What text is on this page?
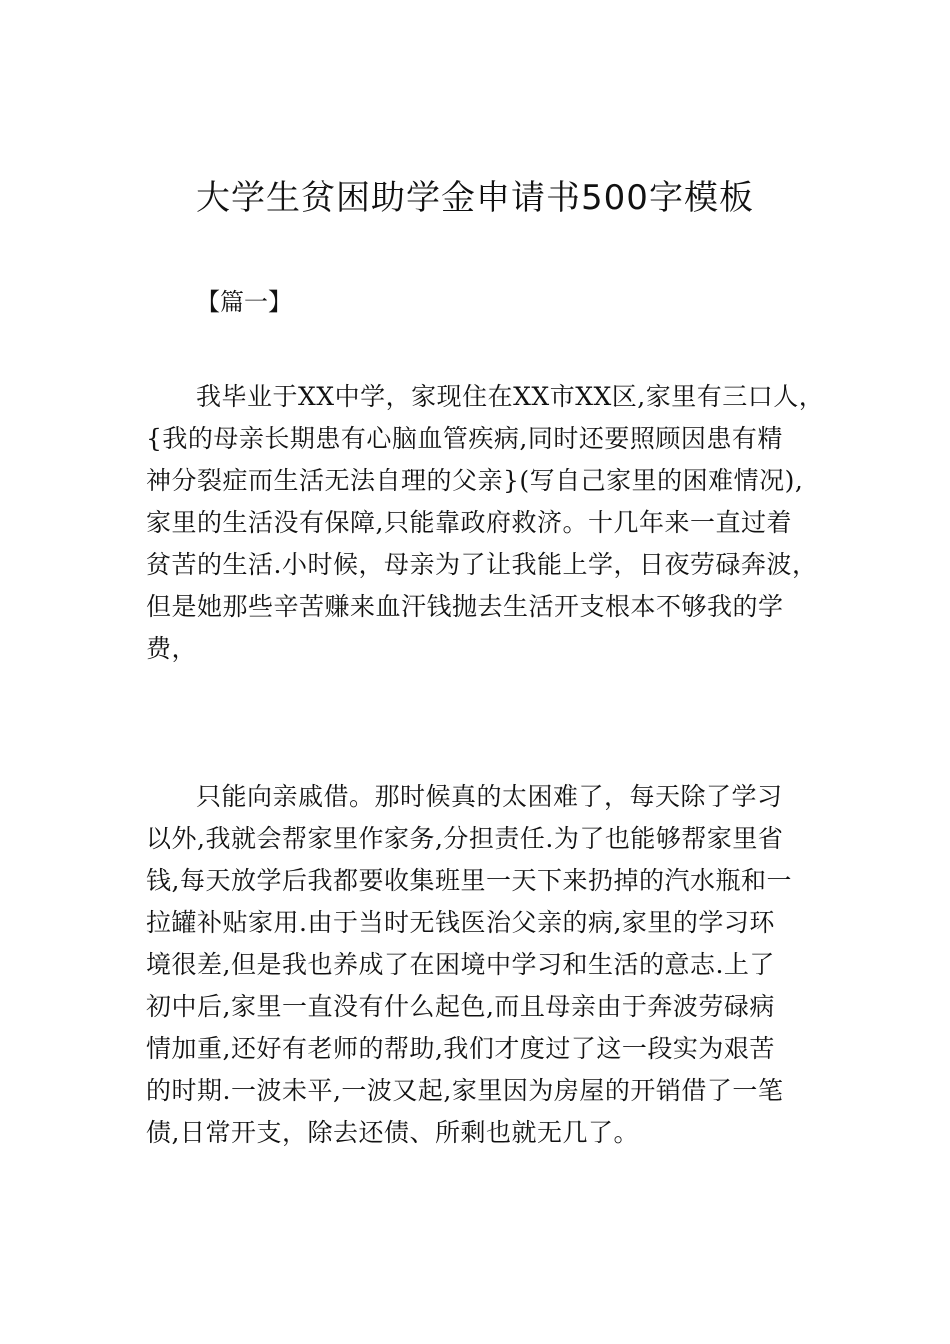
大学生贫困助学金申请书500字模板

【篇一】

我毕业于XX中学，家现住在XX市XX区,家里有三口人，
{我的母亲长期患有心脑血管疾病,同时还要照顾因患有精
神分裂症而生活无法自理的父亲}(写自己家里的困难情况),
家里的生活没有保障,只能靠政府救济。十几年来一直过着
贫苦的生活.小时候，母亲为了让我能上学，日夜劳碌奔波，
但是她那些辛苦赚来血汗钱抛去生活开支根本不够我的学
费，

只能向亲戚借。那时候真的太困难了，每天除了学习
以外,我就会帮家里作家务,分担责任.为了也能够帮家里省
钱,每天放学后我都要收集班里一天下来扔掉的汽水瓶和一
拉罐补贴家用.由于当时无钱医治父亲的病,家里的学习环
境很差,但是我也养成了在困境中学习和生活的意志.上了
初中后,家里一直没有什么起色,而且母亲由于奔波劳碌病
情加重,还好有老师的帮助,我们才度过了这一段实为艰苦
的时期.一波未平,一波又起,家里因为房屋的开销借了一笔
债,日常开支，除去还债、所剩也就无几了。
